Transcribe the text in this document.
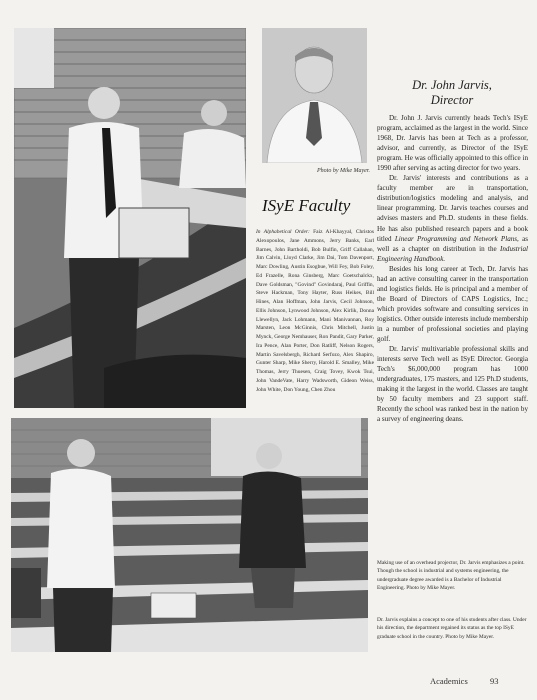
Photo by Mike Mayer.
Dr. John Jarvis,
Director
ISyE Faculty
In Alphabetical Order: Faiz Al-Khayyal, Christos Alexopoulos, Jane Ammons, Jerry Banks, Earl Barnes, John Bartholdi, Bob Bulfin, Griff Callahan, Jim Calvin, Lloyd Clarke, Jim Dai, Tom Davenport, Marc Dowling, Austin Esogbue, Will Fey, Bob Foley, Ed Frazelle, Rona Ginsberg, Marc Goetschalckx, Dave Goldsman, "Govind" Govindaraj, Paul Griffin, Steve Hackman, Tony Hayter, Russ Heikes, Bill Hines, Alan Hoffman, John Jarvis, Cecil Johnson, Ellis Johnson, Lynwood Johnson, Alex Kirlik, Donna Llewellyn, Jack Lohmann, Mani Manivannan, Roy Marsten, Leon McGinnis, Chris Mitchell, Justin Mynck, George Nemhauser, Ron Pandit, Gary Parker, Ira Pence, Alan Porter, Don Ratliff, Nelson Rogers, Martin Savelsbergh, Richard Serfozo, Alex Shapiro, Gunter Sharp, Mike Sherry, Harold E. Smalley, Mike Thomas, Jerry Thuesen, Craig Tovey, Kwok Tsui, John VandeVate, Harry Wadsworth, Gideon Weiss, John White, Don Young, Chen Zhou

Dr. John J. Jarvis currently heads Tech's ISyE program, acclaimed as the largest in the world. Since 1968, Dr. Jarvis has been at Tech as a professor, advisor, and currently, as Director of the ISyE program. He was officially appointed to this office in 1990 after serving as acting director for two years.

Dr. Jarvis' interests and contributions as a faculty member are in transportation, distribution/logistics modeling and analysis, and linear programming. Dr. Jarvis teaches courses and advises masters and Ph.D. students in these fields. He has also published research papers and a book titled Linear Programming and Network Plans, as well as a chapter on distribution in the Industrial Engineering Handbook.

Besides his long career at Tech, Dr. Jarvis has had an active consulting career in the transportation and logistics fields. He is principal and a member of the Board of Directors of CAPS Logistics, Inc.; which provides software and consulting services in logistics. Other outside interests include membership in a number of professional societies and playing golf.

Dr. Jarvis' multivariable professional skills and interests serve Tech well as ISyE Director. Georgia Tech's $6,000,000 program has 1000 undergraduates, 175 masters, and 125 Ph.D students, making it the largest in the world. Classes are taught by 50 faculty members and 23 support staff. Recently the school was ranked best in the nation by a survey of engineering deans.

Making use of an overhead projector, Dr. Jarvis emphasizes a point. Though the school is industrial and systems engineering, the undergraduate degree awarded is a Bachelor of Industrial Engineering. Photo by Mike Mayer.
Dr. Jarvis explains a concept to one of his students after class. Under his direction, the department regained its status as the top ISyE graduate school in the country. Photo by Mike Mayer.
Academics	93
